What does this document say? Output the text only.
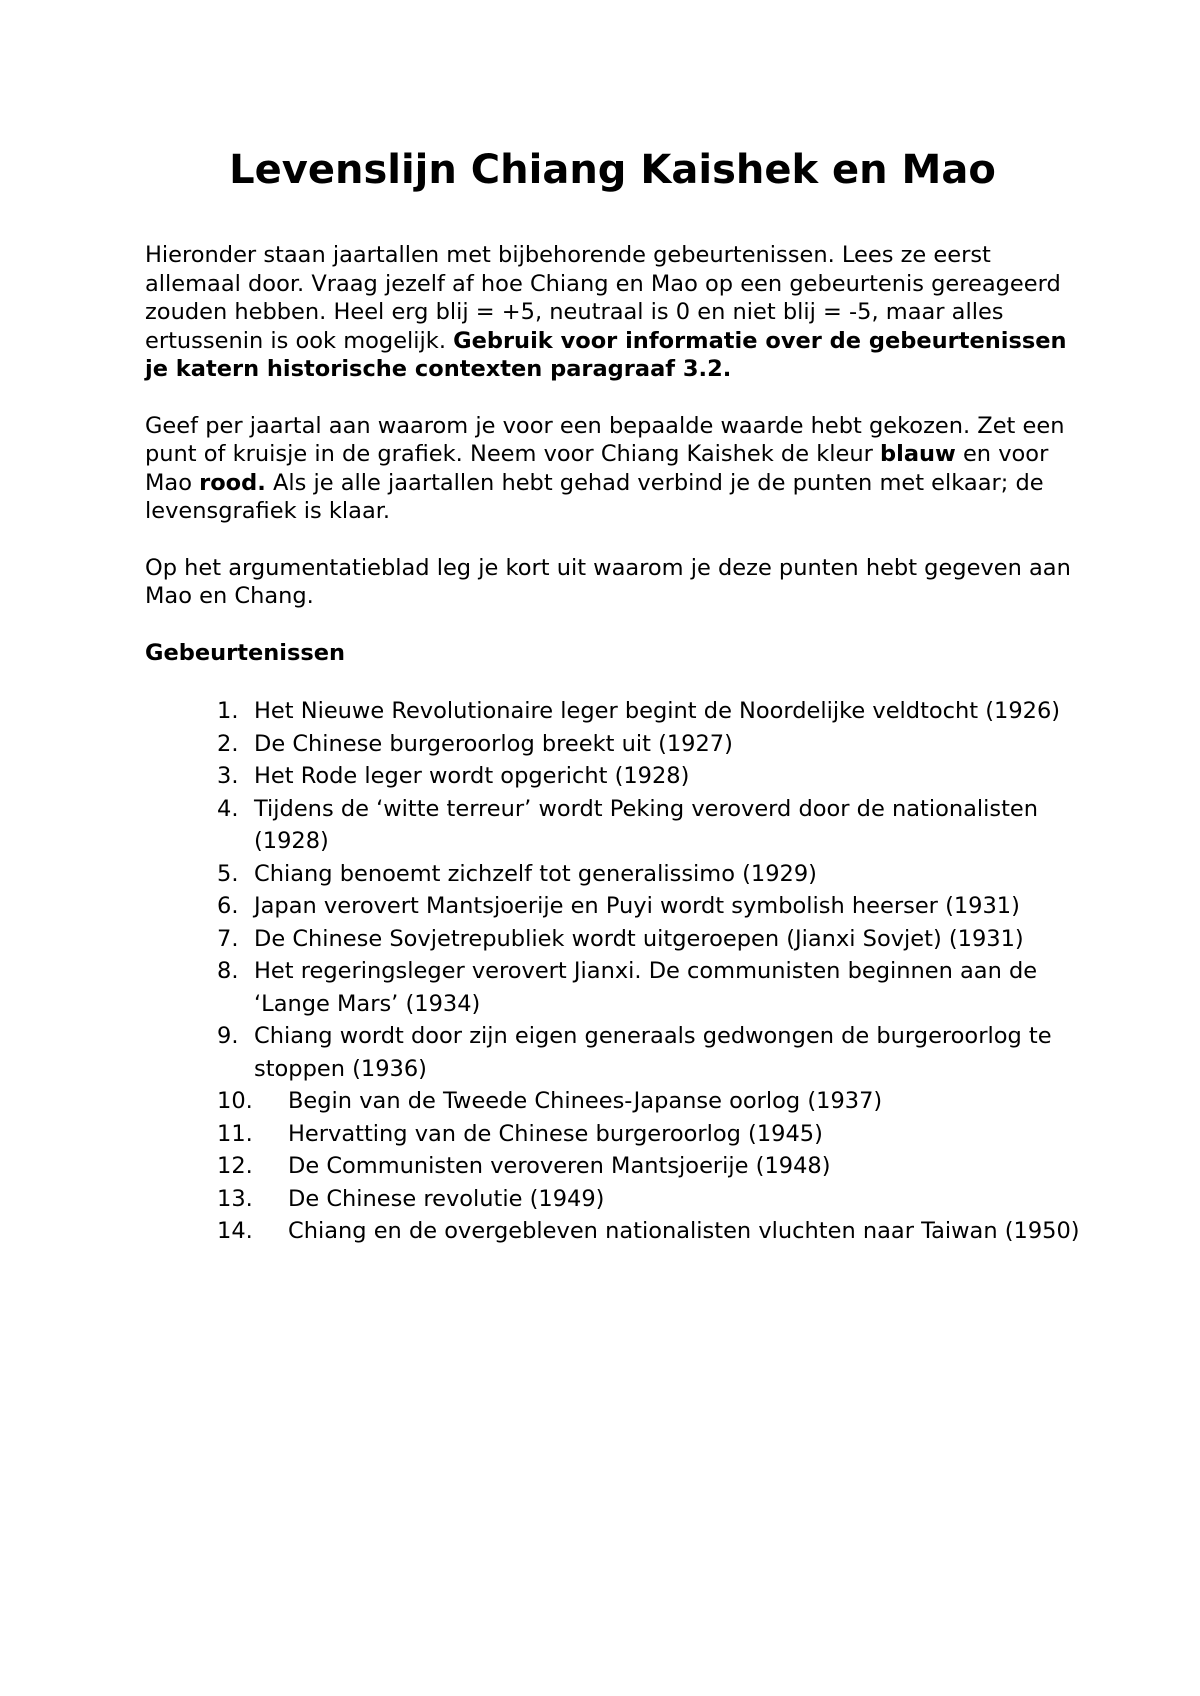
Levenslijn Chiang Kaishek en Mao

Hieronder staan jaartallen met bijbehorende gebeurtenissen. Lees ze eerst allemaal door. Vraag jezelf af hoe Chiang en Mao op een gebeurtenis gereageerd zouden hebben. Heel erg blij = +5, neutraal is 0 en niet blij = -5, maar alles ertussenin is ook mogelijk. Gebruik voor informatie over de gebeurtenissen je katern historische contexten paragraaf 3.2.

Geef per jaartal aan waarom je voor een bepaalde waarde hebt gekozen. Zet een punt of kruisje in de grafiek. Neem voor Chiang Kaishek de kleur blauw en voor Mao rood. Als je alle jaartallen hebt gehad verbind je de punten met elkaar; de levensgrafiek is klaar.

Op het argumentatieblad leg je kort uit waarom je deze punten hebt gegeven aan Mao en Chang.

Gebeurtenissen
1. Het Nieuwe Revolutionaire leger begint de Noordelijke veldtocht (1926)
2. De Chinese burgeroorlog breekt uit (1927)
3. Het Rode leger wordt opgericht (1928)
4. Tijdens de ‘witte terreur’ wordt Peking veroverd door de nationalisten (1928)
5. Chiang benoemt zichzelf tot generalissimo (1929)
6. Japan verovert Mantsjoerije en Puyi wordt symbolish heerser (1931)
7. De Chinese Sovjetrepubliek wordt uitgeroepen (Jianxi Sovjet) (1931)
8. Het regeringsleger verovert Jianxi. De communisten beginnen aan de ‘Lange Mars’ (1934)
9. Chiang wordt door zijn eigen generaals gedwongen de burgeroorlog te stoppen (1936)
10. Begin van de Tweede Chinees-Japanse oorlog (1937)
11. Hervatting van de Chinese burgeroorlog (1945)
12. De Communisten veroveren Mantsjoerije (1948)
13. De Chinese revolutie (1949)
14. Chiang en de overgebleven nationalisten vluchten naar Taiwan (1950)
